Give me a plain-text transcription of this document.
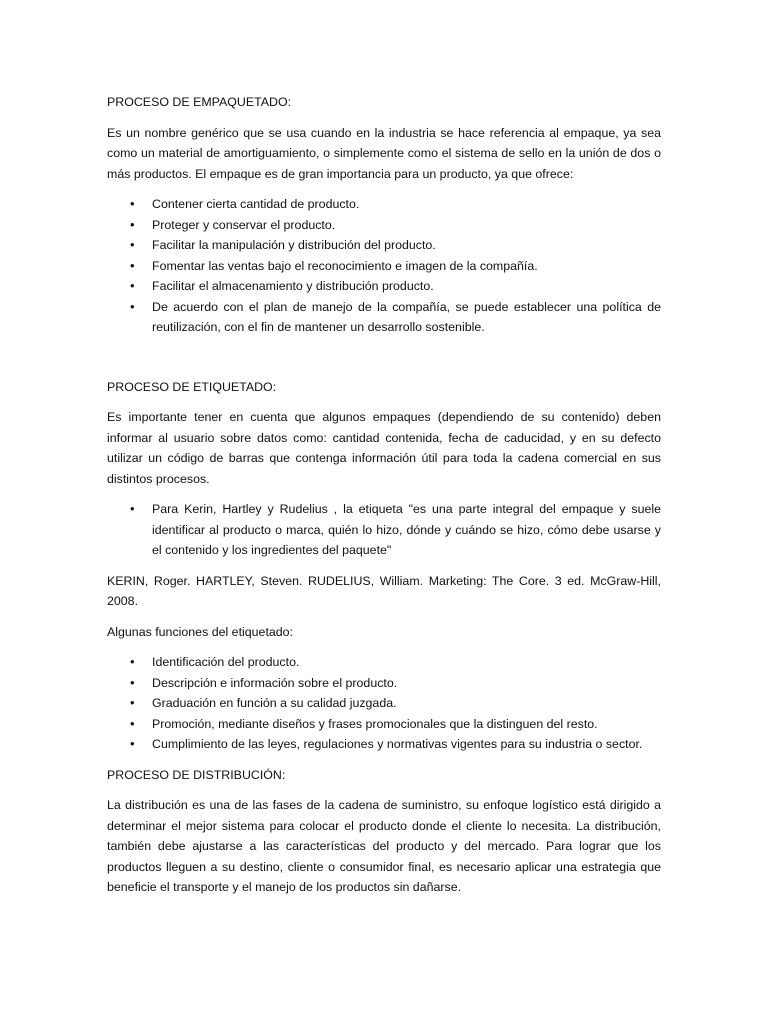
PROCESO DE EMPAQUETADO:

Es un nombre genérico que se usa cuando en la industria se hace referencia al empaque, ya sea como un material de amortiguamiento, o simplemente como el sistema de sello en la unión de dos o más productos. El empaque es de gran importancia para un producto, ya que ofrece:

• Contener cierta cantidad de producto.
• Proteger y conservar el producto.
• Facilitar la manipulación y distribución del producto.
• Fomentar las ventas bajo el reconocimiento e imagen de la compañía.
• Facilitar el almacenamiento y distribución producto.
• De acuerdo con el plan de manejo de la compañía, se puede establecer una política de reutilización, con el fin de mantener un desarrollo sostenible.
PROCESO DE ETIQUETADO:

Es importante tener en cuenta que algunos empaques (dependiendo de su contenido) deben informar al usuario sobre datos como: cantidad contenida, fecha de caducidad, y en su defecto utilizar un código de barras que contenga información útil para toda la cadena comercial en sus distintos procesos.

• Para Kerin, Hartley y Rudelius , la etiqueta "es una parte integral del empaque y suele identificar al producto o marca, quién lo hizo, dónde y cuándo se hizo, cómo debe usarse y el contenido y los ingredientes del paquete"

KERIN, Roger. HARTLEY, Steven. RUDELIUS, William. Marketing: The Core. 3 ed. McGraw-Hill, 2008.

Algunas funciones del etiquetado:

• Identificación del producto.
• Descripción e información sobre el producto.
• Graduación en función a su calidad juzgada.
• Promoción, mediante diseños y frases promocionales que la distinguen del resto.
• Cumplimiento de las leyes, regulaciones y normativas vigentes para su industria o sector.
PROCESO DE DISTRIBUCIÓN:

La distribución es una de las fases de la cadena de suministro, su enfoque logístico está dirigido a determinar el mejor sistema para colocar el producto donde el cliente lo necesita. La distribución, también debe ajustarse a las características del producto y del mercado. Para lograr que los productos lleguen a su destino, cliente o consumidor final, es necesario aplicar una estrategia que beneficie el transporte y el manejo de los productos sin dañarse.
